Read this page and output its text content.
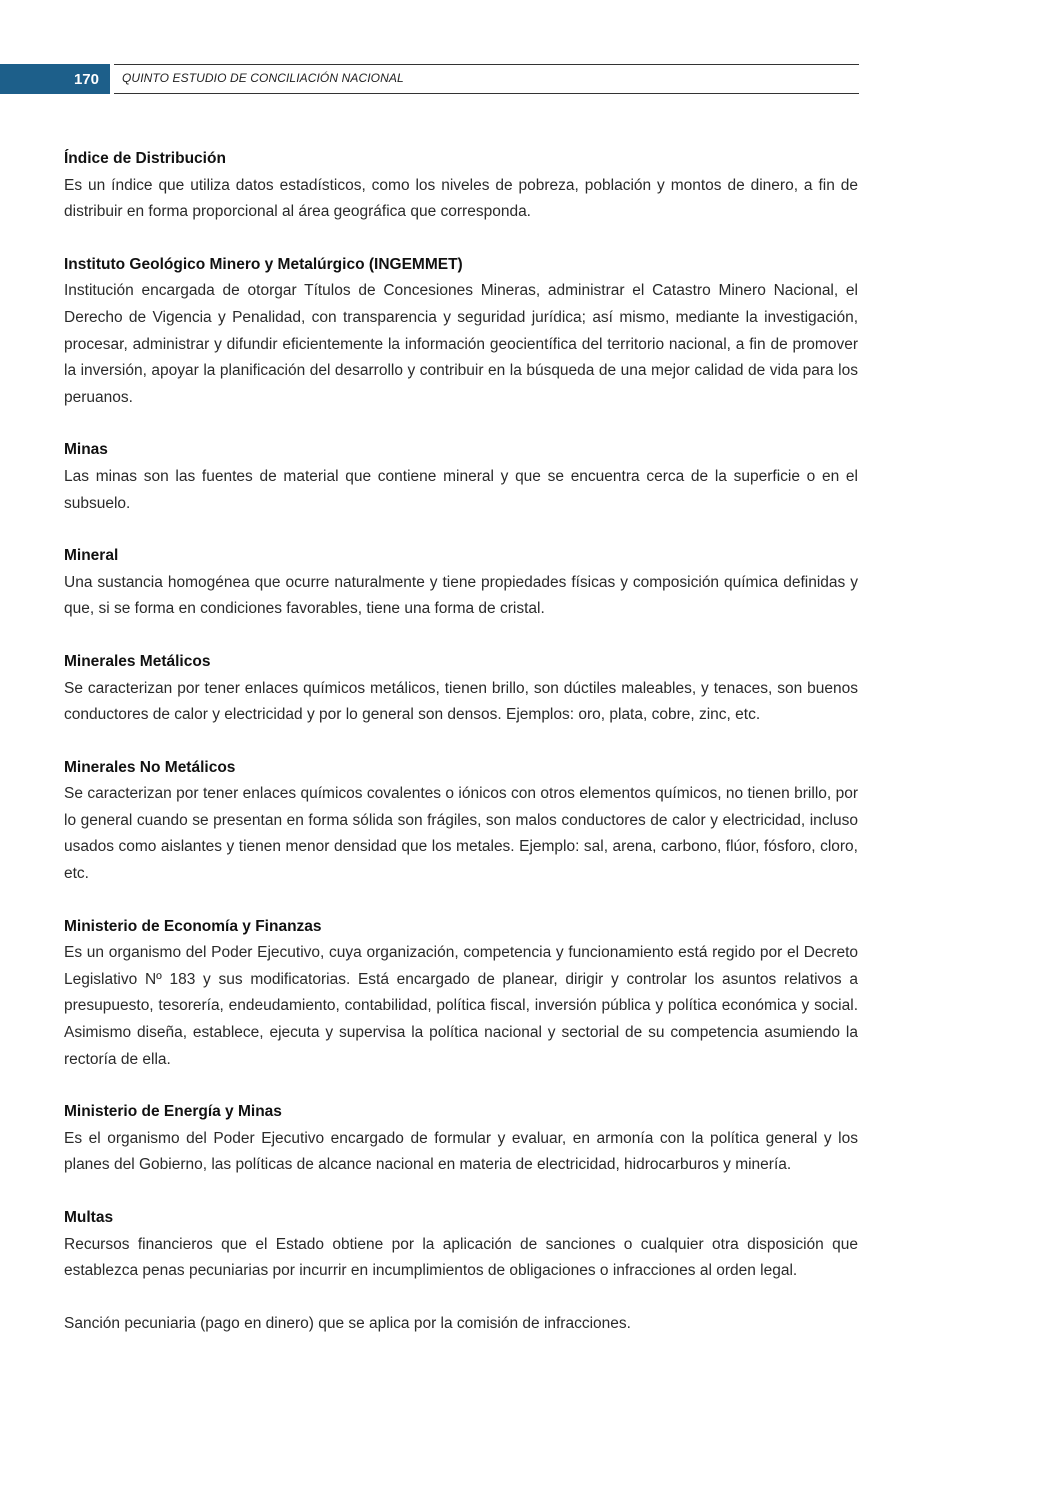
170	QUINTO ESTUDIO DE CONCILIACIÓN NACIONAL

Índice de Distribución

Es un índice que utiliza datos estadísticos, como los niveles de pobreza, población y montos de dinero, a fin de distribuir en forma proporcional al área geográfica que corresponda.

Instituto Geológico Minero y Metalúrgico (INGEMMET)

Institución encargada de otorgar Títulos de Concesiones Mineras, administrar el Catastro Minero Nacional, el Derecho de Vigencia y Penalidad, con transparencia y seguridad jurídica; así mismo, mediante la investigación, procesar, administrar y difundir eficientemente la información geocientífica del territorio nacional, a fin de promover la inversión, apoyar la planificación del desarrollo y contribuir en la búsqueda de una mejor calidad de vida para los peruanos.

Minas

Las minas son las fuentes de material que contiene mineral y que se encuentra cerca de la superficie o en el subsuelo.

Mineral

Una sustancia homogénea que ocurre naturalmente y tiene propiedades físicas y composición química definidas y que, si se forma en condiciones favorables, tiene una forma de cristal.

Minerales Metálicos

Se caracterizan por tener enlaces químicos metálicos, tienen brillo, son dúctiles maleables, y tenaces, son buenos conductores de calor y electricidad y por lo general son densos. Ejemplos: oro, plata, cobre, zinc, etc.

Minerales No Metálicos

Se caracterizan por tener enlaces químicos covalentes o iónicos con otros elementos químicos, no tienen brillo, por lo general cuando se presentan en forma sólida son frágiles, son malos conductores de calor y electricidad, incluso usados como aislantes y tienen menor densidad que los metales. Ejemplo: sal, arena, carbono, flúor, fósforo, cloro, etc.

Ministerio de Economía y Finanzas

Es un organismo del Poder Ejecutivo, cuya organización, competencia y funcionamiento está regido por el Decreto Legislativo Nº 183 y sus modificatorias. Está encargado de planear, dirigir y controlar los asuntos relativos a presupuesto, tesorería, endeudamiento, contabilidad, política fiscal, inversión pública y política económica y social. Asimismo diseña, establece, ejecuta y supervisa la política nacional y sectorial de su competencia asumiendo la rectoría de ella.

Ministerio de Energía y Minas

Es el organismo del Poder Ejecutivo encargado de formular y evaluar, en armonía con la política general y los planes del Gobierno, las políticas de alcance nacional en materia de electricidad, hidrocarburos y minería.

Multas

Recursos financieros que el Estado obtiene por la aplicación de sanciones o cualquier otra disposición que establezca penas pecuniarias por incurrir en incumplimientos de obligaciones o infracciones al orden legal.

Sanción pecuniaria (pago en dinero) que se aplica por la comisión de infracciones.
